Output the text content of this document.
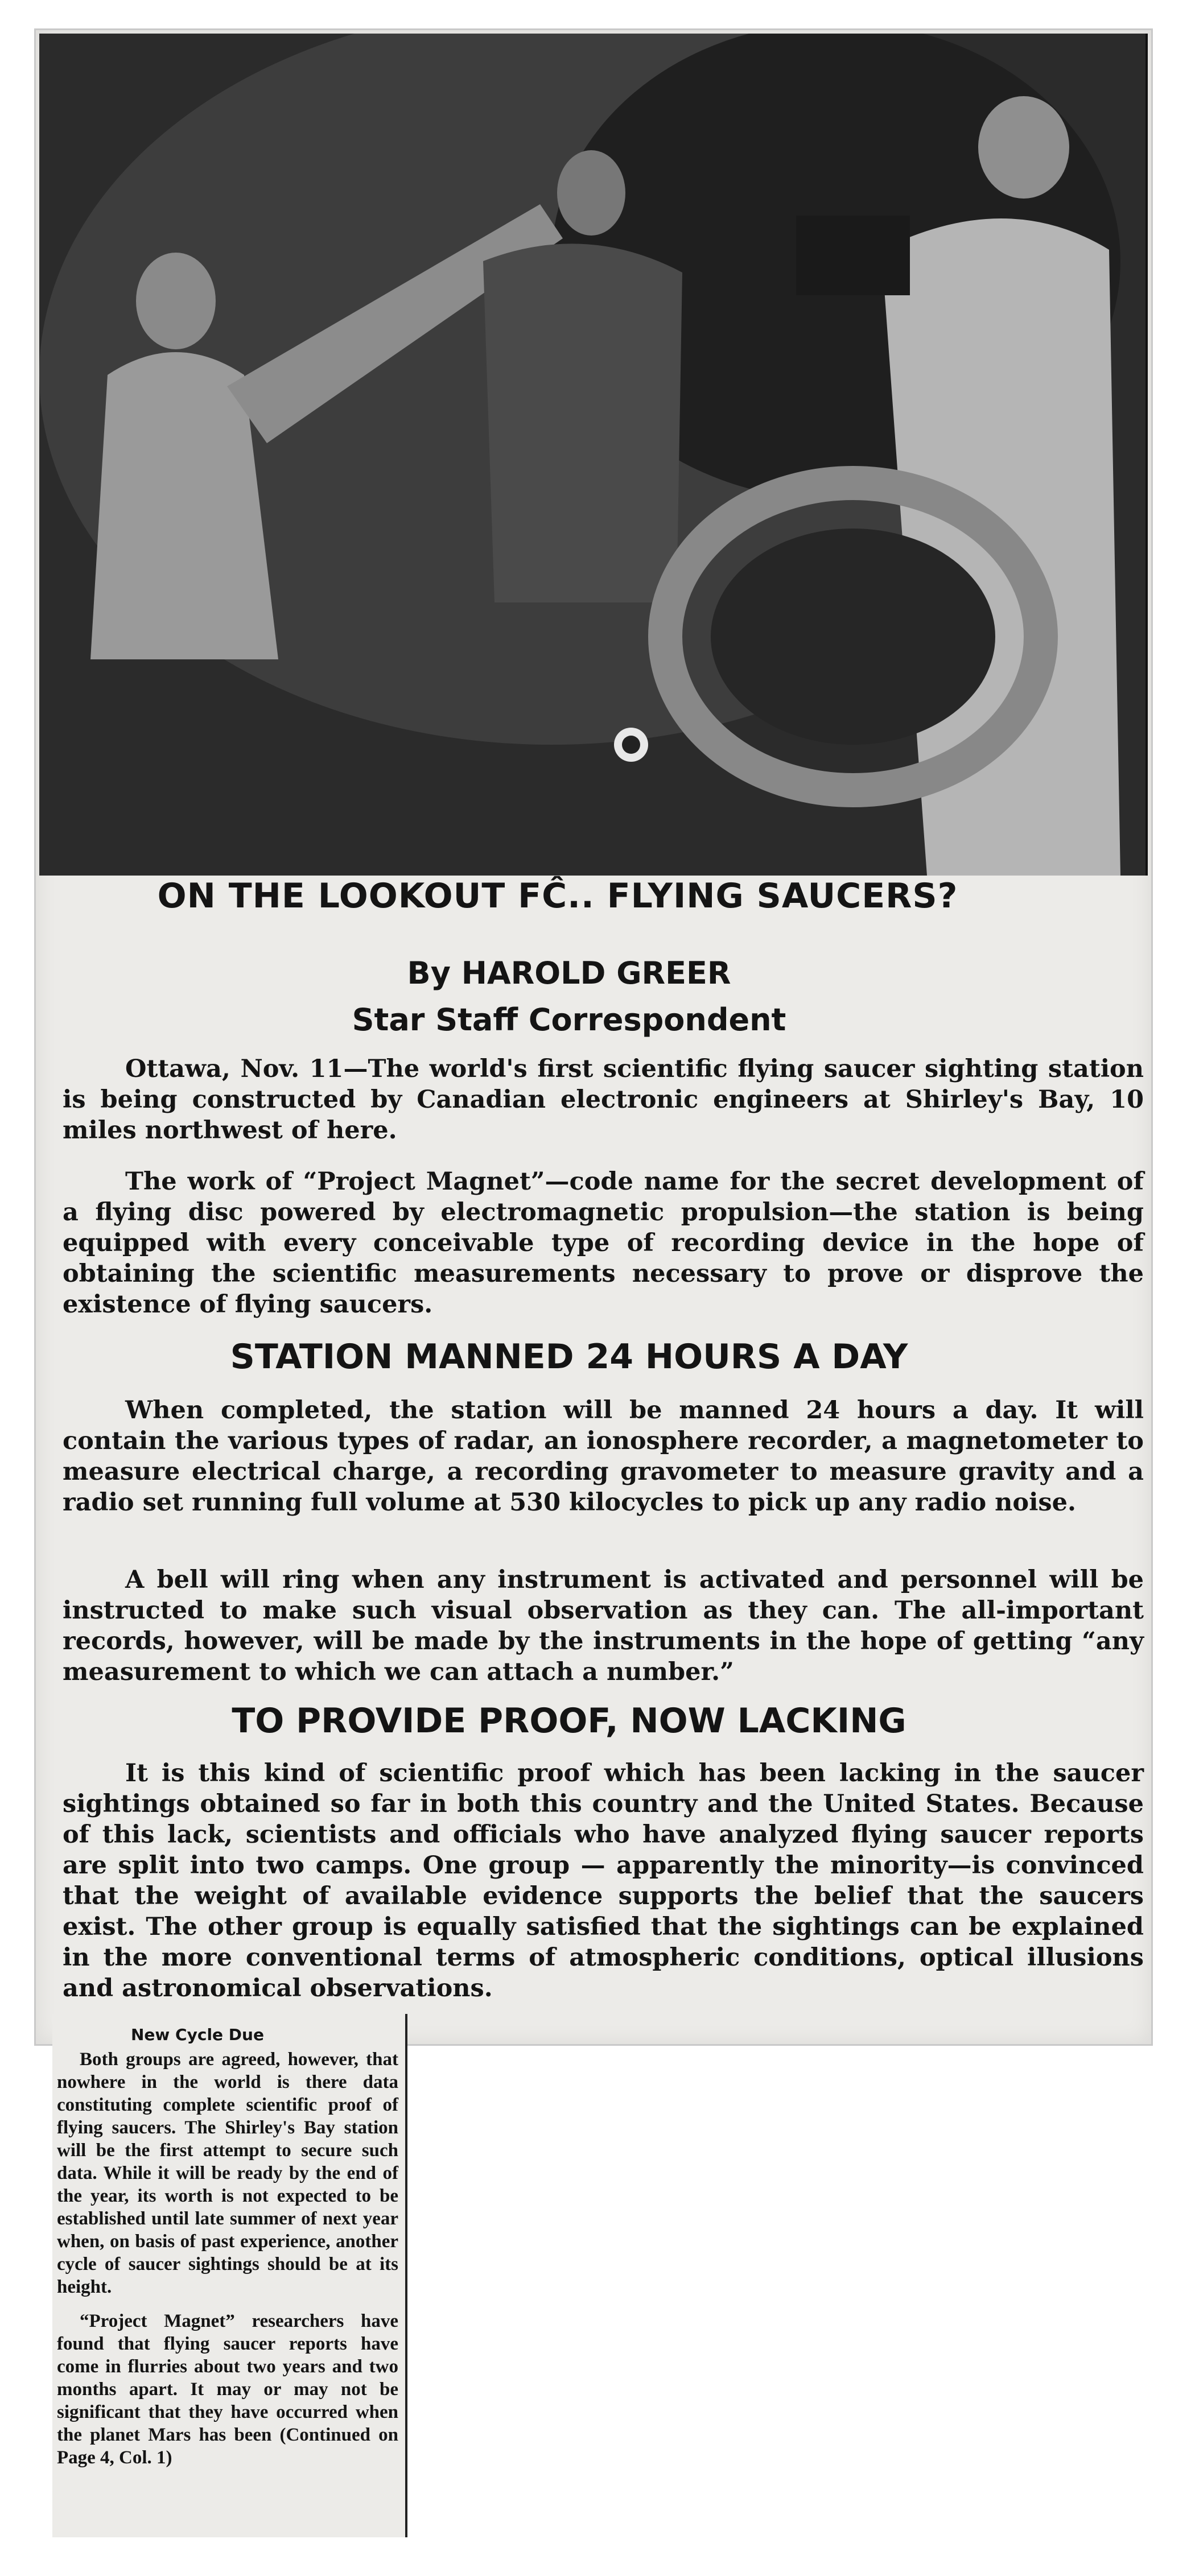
ON THE LOOKOUT FĈ.. FLYING SAUCERS?
By HAROLD GREER
Star Staff Correspondent

Ottawa, Nov. 11—The world's first scientific flying saucer sighting station is being constructed by Canadian electronic engineers at Shirley's Bay, 10 miles northwest of here.

The work of “Project Magnet”—code name for the secret development of a flying disc powered by electromagnetic propulsion—the station is being equipped with every conceivable type of recording device in the hope of obtaining the scientific measurements necessary to prove or disprove the existence of flying saucers.

STATION MANNED 24 HOURS A DAY

When completed, the station will be manned 24 hours a day. It will contain the various types of radar, an ionosphere recorder, a magnetometer to measure electrical charge, a recording gravometer to measure gravity and a radio set running full volume at 530 kilocycles to pick up any radio noise.

A bell will ring when any instrument is activated and personnel will be instructed to make such visual observation as they can. The all-important records, however, will be made by the instruments in the hope of getting “any measurement to which we can attach a number.”

TO PROVIDE PROOF, NOW LACKING

It is this kind of scientific proof which has been lacking in the saucer sightings obtained so far in both this country and the United States. Because of this lack, scientists and officials who have analyzed flying saucer reports are split into two camps. One group — apparently the minority—is convinced that the weight of available evidence supports the belief that the saucers exist. The other group is equally satisfied that the sightings can be explained in the more conventional terms of atmospheric conditions, optical illusions and astronomical observations.

New Cycle Due

Both groups are agreed, however, that nowhere in the world is there data constituting complete scientific proof of flying saucers. The Shirley's Bay station will be the first attempt to secure such data. While it will be ready by the end of the year, its worth is not expected to be established until late summer of next year when, on basis of past experience, another cycle of saucer sightings should be at its height.

“Project Magnet” researchers have found that flying saucer reports have come in flurries about two years and two months apart. It may or may not be significant that they have occurred when the planet Mars has been (Continued on Page 4, Col. 1)
